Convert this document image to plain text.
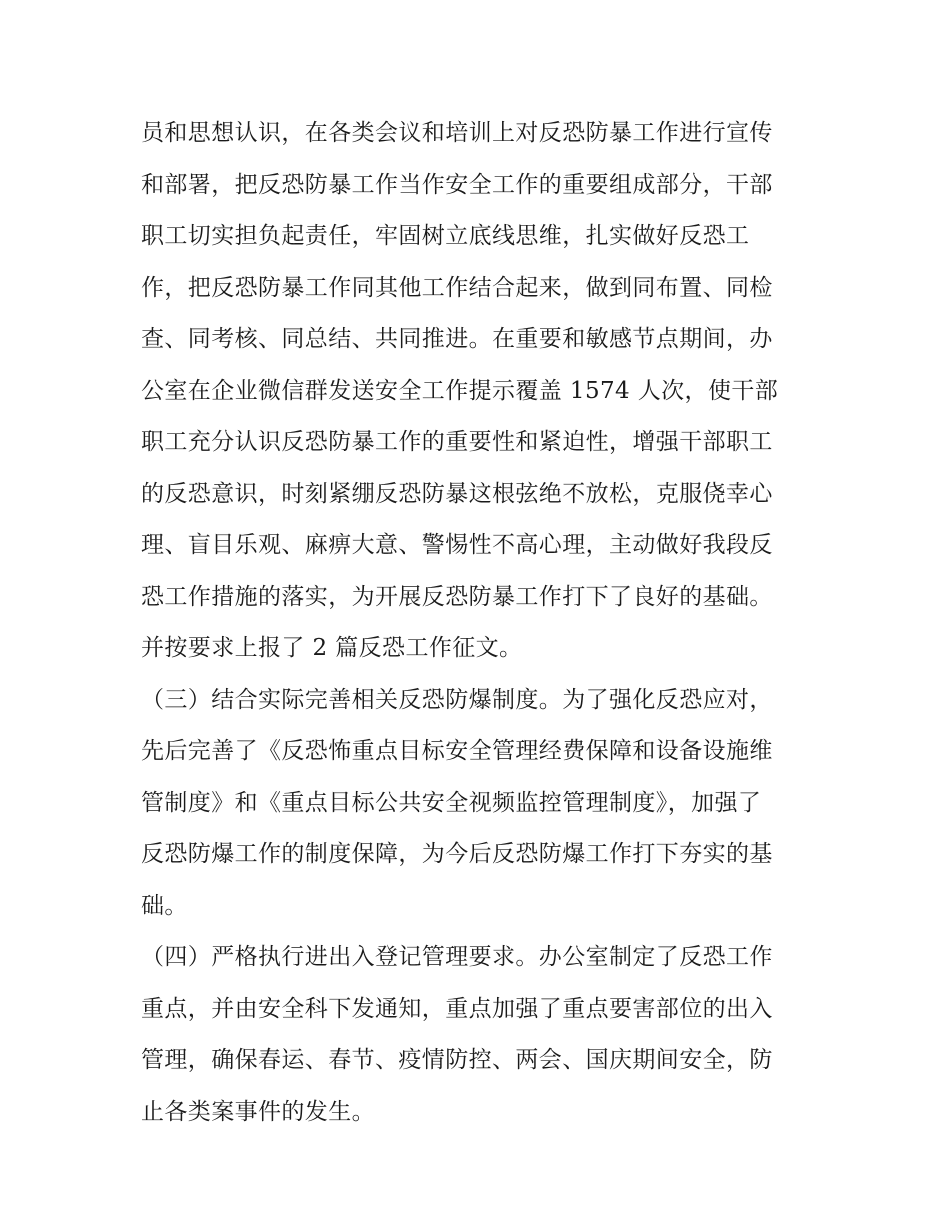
员和思想认识，在各类会议和培训上对反恐防暴工作进行宣传
和部署，把反恐防暴工作当作安全工作的重要组成部分，干部
职工切实担负起责任，牢固树立底线思维，扎实做好反恐工
作，把反恐防暴工作同其他工作结合起来，做到同布置、同检
查、同考核、同总结、共同推进。在重要和敏感节点期间，办
公室在企业微信群发送安全工作提示覆盖 1574 人次，使干部
职工充分认识反恐防暴工作的重要性和紧迫性，增强干部职工
的反恐意识，时刻紧绷反恐防暴这根弦绝不放松，克服侥幸心
理、盲目乐观、麻痹大意、警惕性不高心理，主动做好我段反
恐工作措施的落实，为开展反恐防暴工作打下了良好的基础。
并按要求上报了 2 篇反恐工作征文。
（三）结合实际完善相关反恐防爆制度。为了强化反恐应对，
先后完善了《反恐怖重点目标安全管理经费保障和设备设施维
管制度》和《重点目标公共安全视频监控管理制度》，加强了
反恐防爆工作的制度保障，为今后反恐防爆工作打下夯实的基
础。
（四）严格执行进出入登记管理要求。办公室制定了反恐工作
重点，并由安全科下发通知，重点加强了重点要害部位的出入
管理，确保春运、春节、疫情防控、两会、国庆期间安全，防
止各类案事件的发生。
